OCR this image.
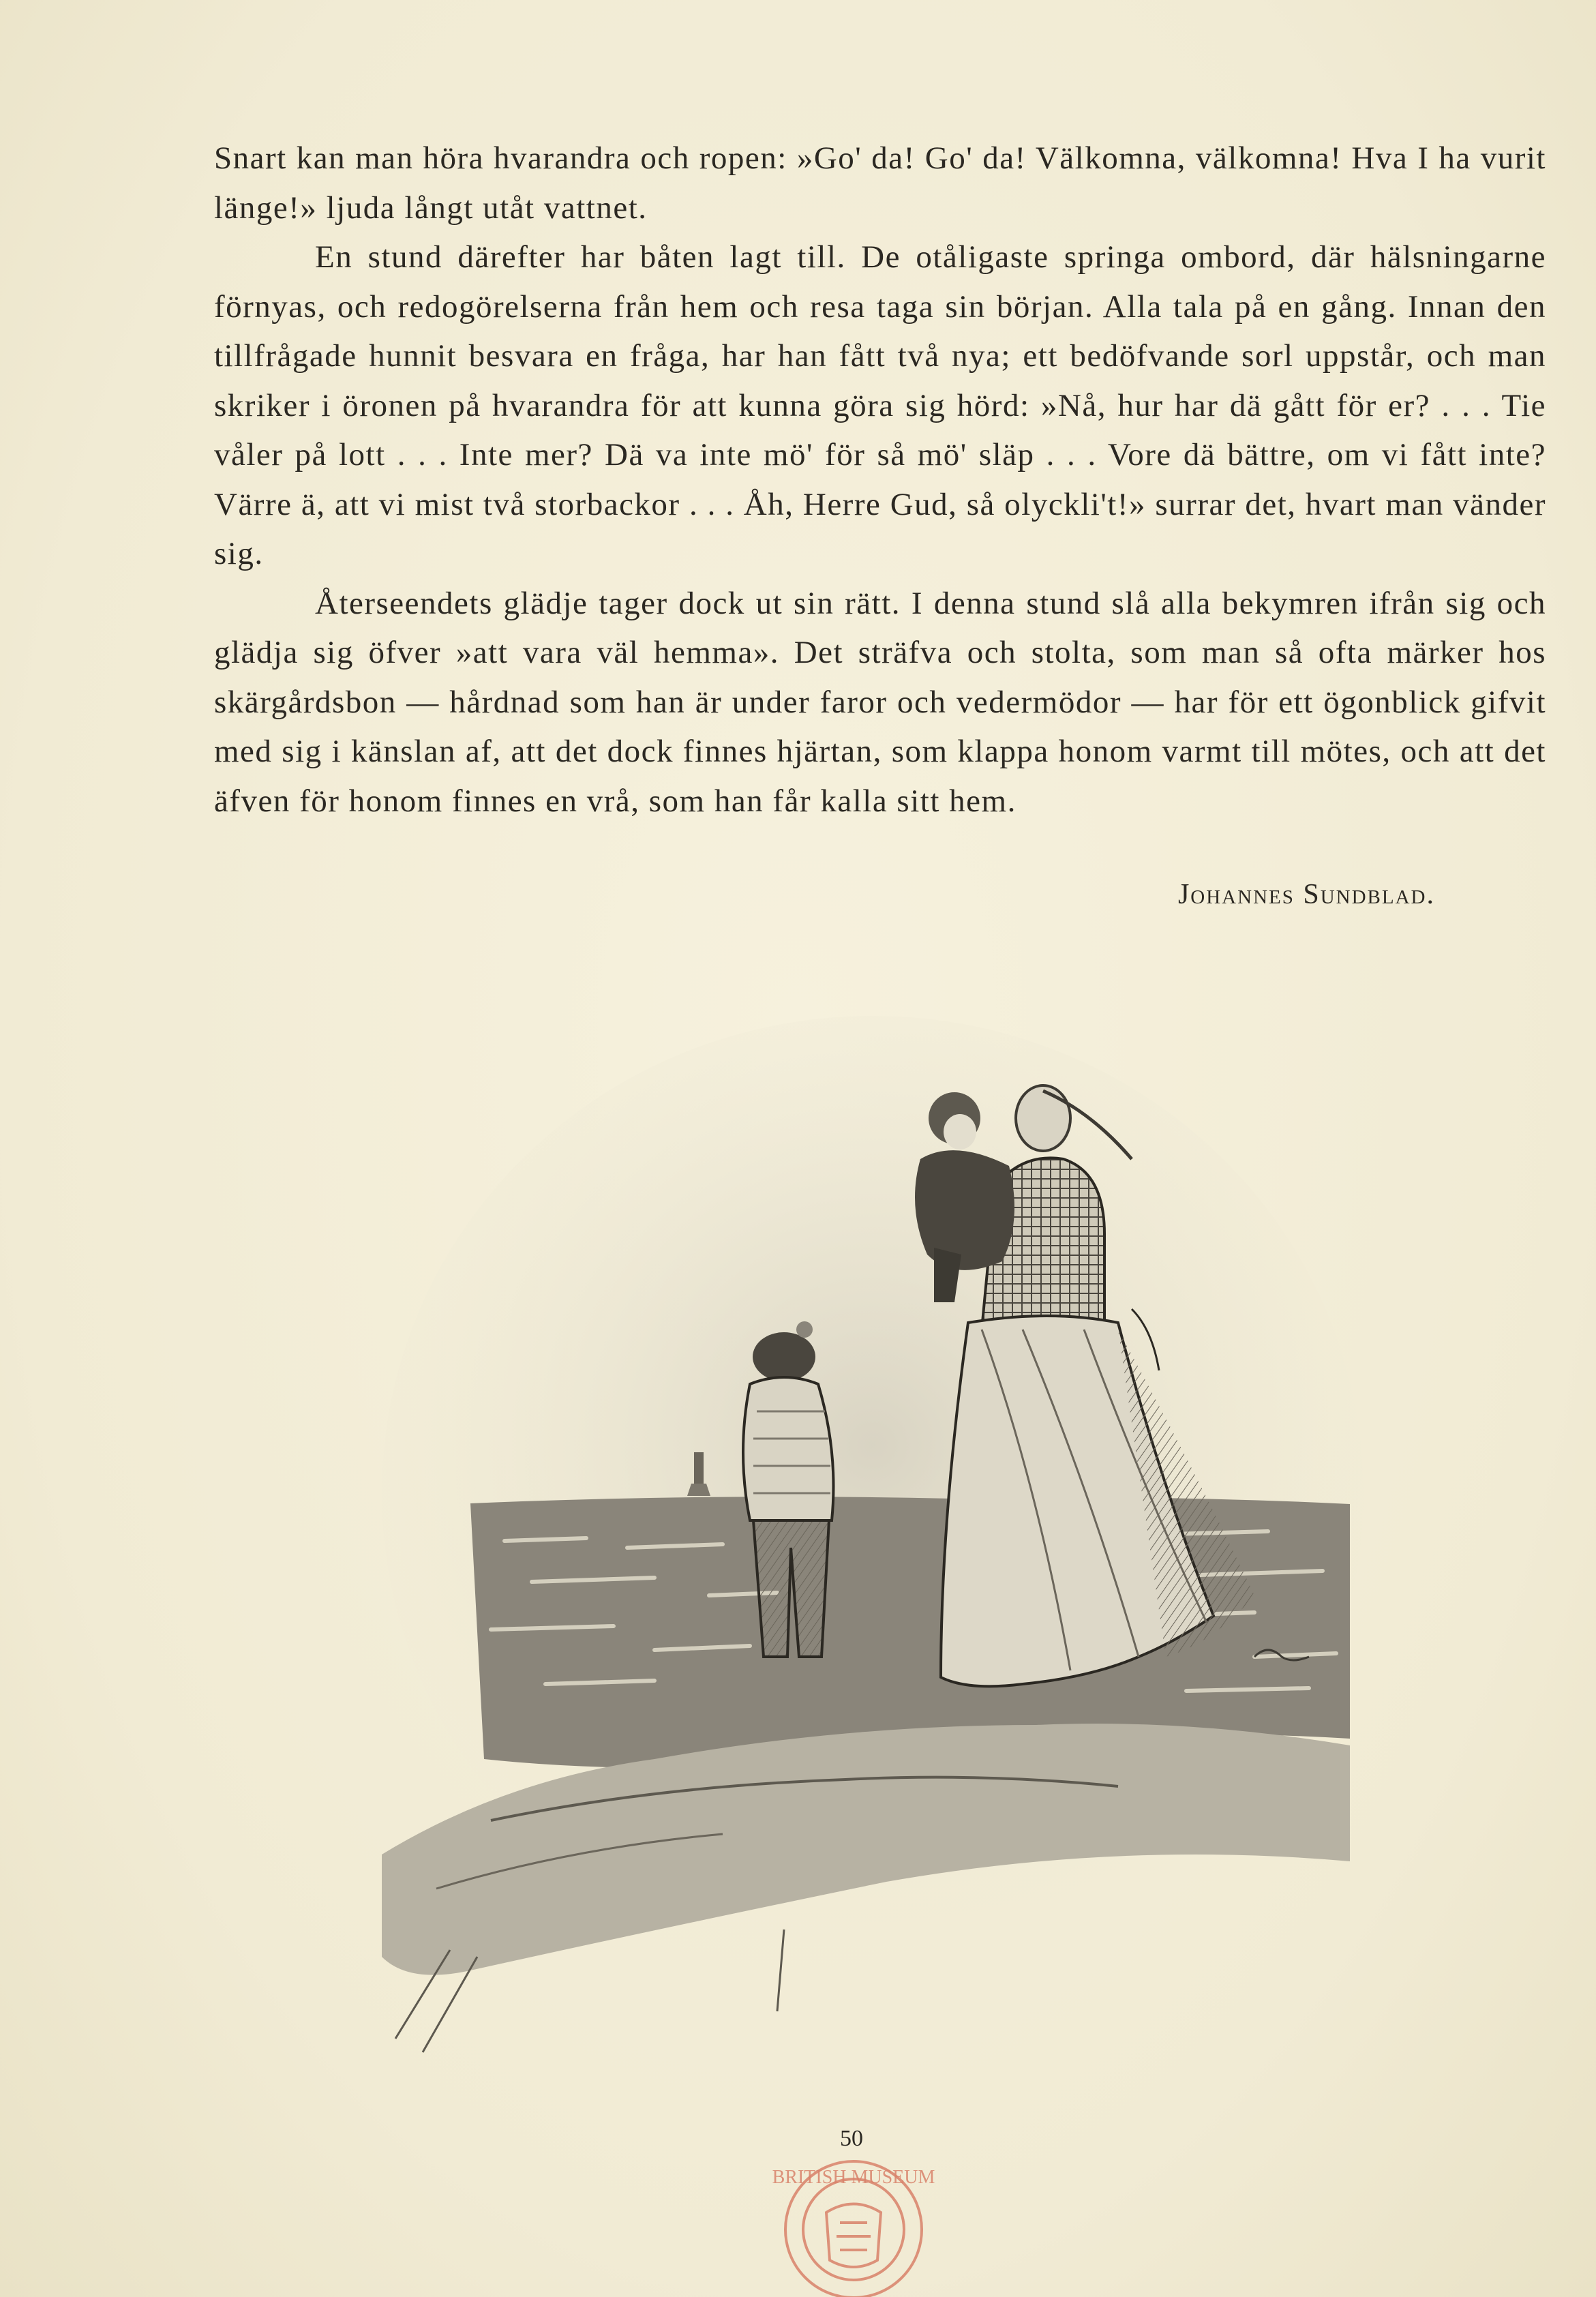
Snart kan man höra hvarandra och ropen: »Go' da! Go' da! Välkomna, välkomna! Hva I ha vurit länge!» ljuda långt utåt vattnet.

En stund därefter har båten lagt till. De otåligaste springa ombord, där hälsningarne förnyas, och redogörelserna från hem och resa taga sin början. Alla tala på en gång. Innan den tillfrågade hunnit besvara en fråga, har han fått två nya; ett bedöfvande sorl uppstår, och man skriker i öronen på hvarandra för att kunna göra sig hörd: »Nå, hur har dä gått för er? . . . Tie våler på lott . . . Inte mer? Dä va inte mö' för så mö' släp . . . Vore dä bättre, om vi fått inte? Värre ä, att vi mist två storbackor . . . Åh, Herre Gud, så olyckli't!» surrar det, hvart man vänder sig.

Återseendets glädje tager dock ut sin rätt. I denna stund slå alla bekymren ifrån sig och glädja sig öfver »att vara väl hemma». Det sträfva och stolta, som man så ofta märker hos skärgårdsbon — hårdnad som han är under faror och vedermödor — har för ett ögonblick gifvit med sig i känslan af, att det dock finnes hjärtan, som klappa honom varmt till mötes, och att det äfven för honom finnes en vrå, som han får kalla sitt hem.

Johannes Sundblad.
50
BRITISH MUSEUM
